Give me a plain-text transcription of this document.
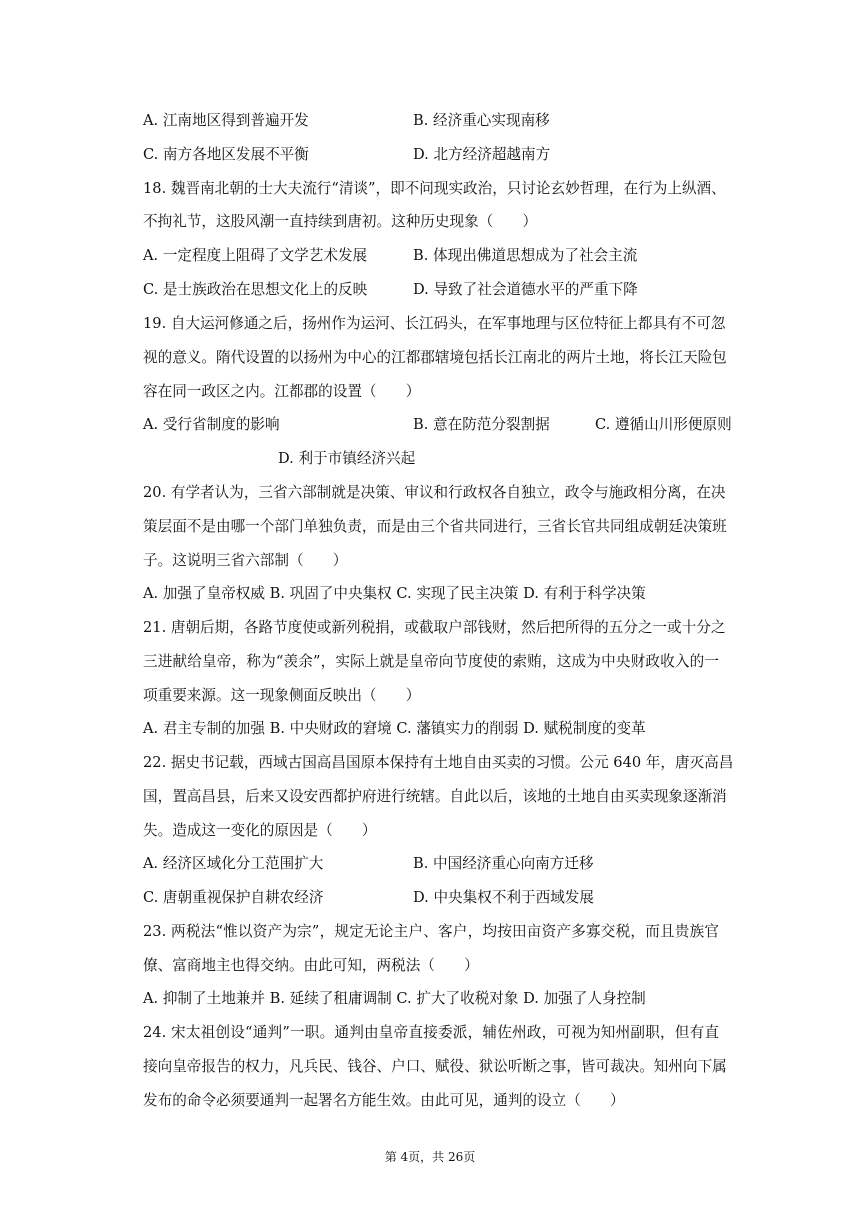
A. 江南地区得到普遍开发	B. 经济重心实现南移
C. 南方各地区发展不平衡	D. 北方经济超越南方
18. 魏晋南北朝的士大夫流行“清谈”，即不问现实政治，只讨论玄妙哲理，在行为上纵酒、
不拘礼节，这股风潮一直持续到唐初。这种历史现象（　　）
A. 一定程度上阻碍了文学艺术发展	B. 体现出佛道思想成为了社会主流
C. 是士族政治在思想文化上的反映	D. 导致了社会道德水平的严重下降
19. 自大运河修通之后，扬州作为运河、长江码头，在军事地理与区位特征上都具有不可忽
视的意义。隋代设置的以扬州为中心的江都郡辖境包括长江南北的两片土地，将长江天险包
容在同一政区之内。江都郡的设置（　　）
A. 受行省制度的影响	B. 意在防范分裂割据	C. 遵循山川形便原则
D. 利于市镇经济兴起
20. 有学者认为，三省六部制就是决策、审议和行政权各自独立，政令与施政相分离，在决
策层面不是由哪一个部门单独负责，而是由三个省共同进行，三省长官共同组成朝廷决策班
子。这说明三省六部制（　　）
A. 加强了皇帝权威 B. 巩固了中央集权 C. 实现了民主决策 D. 有利于科学决策
21. 唐朝后期，各路节度使或新列税捐，或截取户部钱财，然后把所得的五分之一或十分之
三进献给皇帝，称为“羡余”，实际上就是皇帝向节度使的索贿，这成为中央财政收入的一
项重要来源。这一现象侧面反映出（　　）
A. 君主专制的加强 B. 中央财政的窘境 C. 藩镇实力的削弱 D. 赋税制度的变革
22. 据史书记载，西域古国高昌国原本保持有土地自由买卖的习惯。公元 640 年，唐灭高昌
国，置高昌县，后来又设安西都护府进行统辖。自此以后，该地的土地自由买卖现象逐渐消
失。造成这一变化的原因是（　　）
A. 经济区域化分工范围扩大	B. 中国经济重心向南方迁移
C. 唐朝重视保护自耕农经济	D. 中央集权不利于西域发展
23. 两税法“惟以资产为宗”，规定无论主户、客户，均按田亩资产多寡交税，而且贵族官
僚、富商地主也得交纳。由此可知，两税法（　　）
A. 抑制了土地兼并 B. 延续了租庸调制 C. 扩大了收税对象 D. 加强了人身控制
24. 宋太祖创设“通判”一职。通判由皇帝直接委派，辅佐州政，可视为知州副职，但有直
接向皇帝报告的权力，凡兵民、钱谷、户口、赋役、狱讼听断之事，皆可裁决。知州向下属
发布的命令必须要通判一起署名方能生效。由此可见，通判的设立（　　）
第 4页，共 26页
